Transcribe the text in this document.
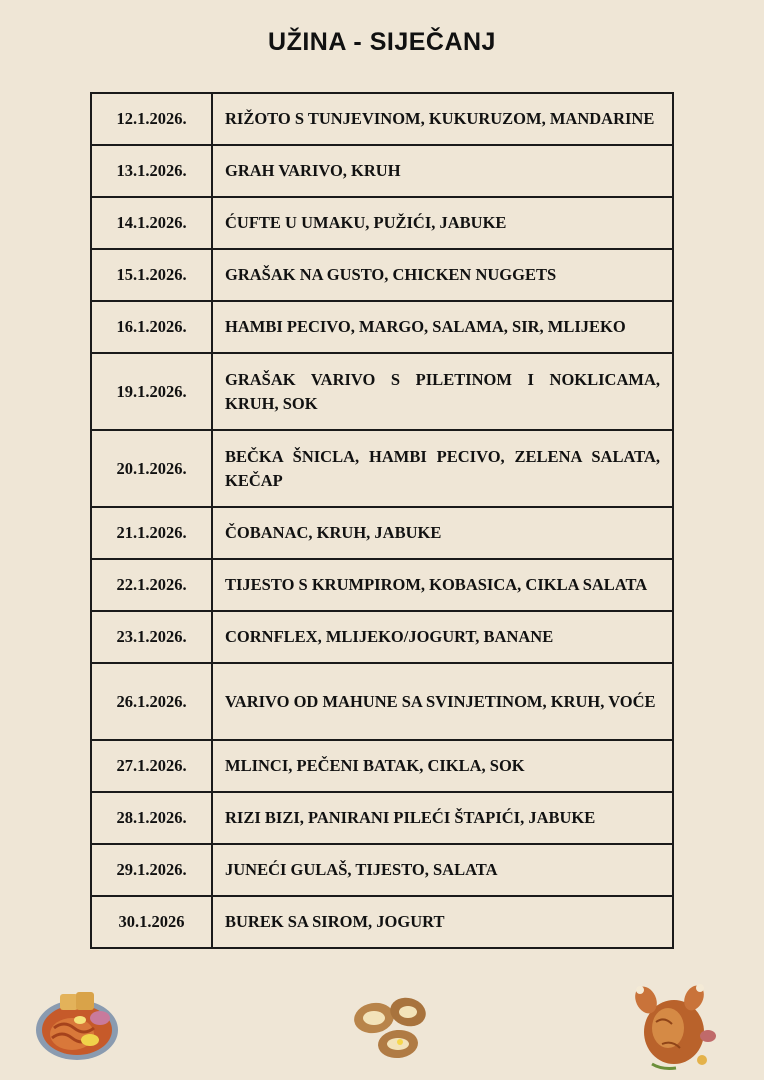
UŽINA - SIJEČANJ
12.1.2026.	RIŽOTO S TUNJEVINOM, KUKURUZOM, MANDARINE
13.1.2026.	GRAH VARIVO, KRUH
14.1.2026.	ĆUFTE U UMAKU, PUŽIĆI, JABUKE
15.1.2026.	GRAŠAK NA GUSTO, CHICKEN NUGGETS
16.1.2026.	HAMBI PECIVO, MARGO, SALAMA, SIR, MLIJEKO
19.1.2026.	GRAŠAK VARIVO S PILETINOM I NOKLICAMA, KRUH, SOK
20.1.2026.	BEČKA ŠNICLA, HAMBI PECIVO, ZELENA SALATA, KEČAP
21.1.2026.	ČOBANAC, KRUH, JABUKE
22.1.2026.	TIJESTO S KRUMPIROM, KOBASICA, CIKLA SALATA
23.1.2026.	CORNFLEX, MLIJEKO/JOGURT, BANANE
26.1.2026.	VARIVO OD MAHUNE SA SVINJETINOM, KRUH, VOĆE
27.1.2026.	MLINCI, PEČENI BATAK, CIKLA, SOK
28.1.2026.	RIZI BIZI, PANIRANI PILEĆI ŠTAPIĆI, JABUKE
29.1.2026.	JUNEĆI GULAŠ, TIJESTO, SALATA
30.1.2026	BUREK SA SIROM, JOGURT
